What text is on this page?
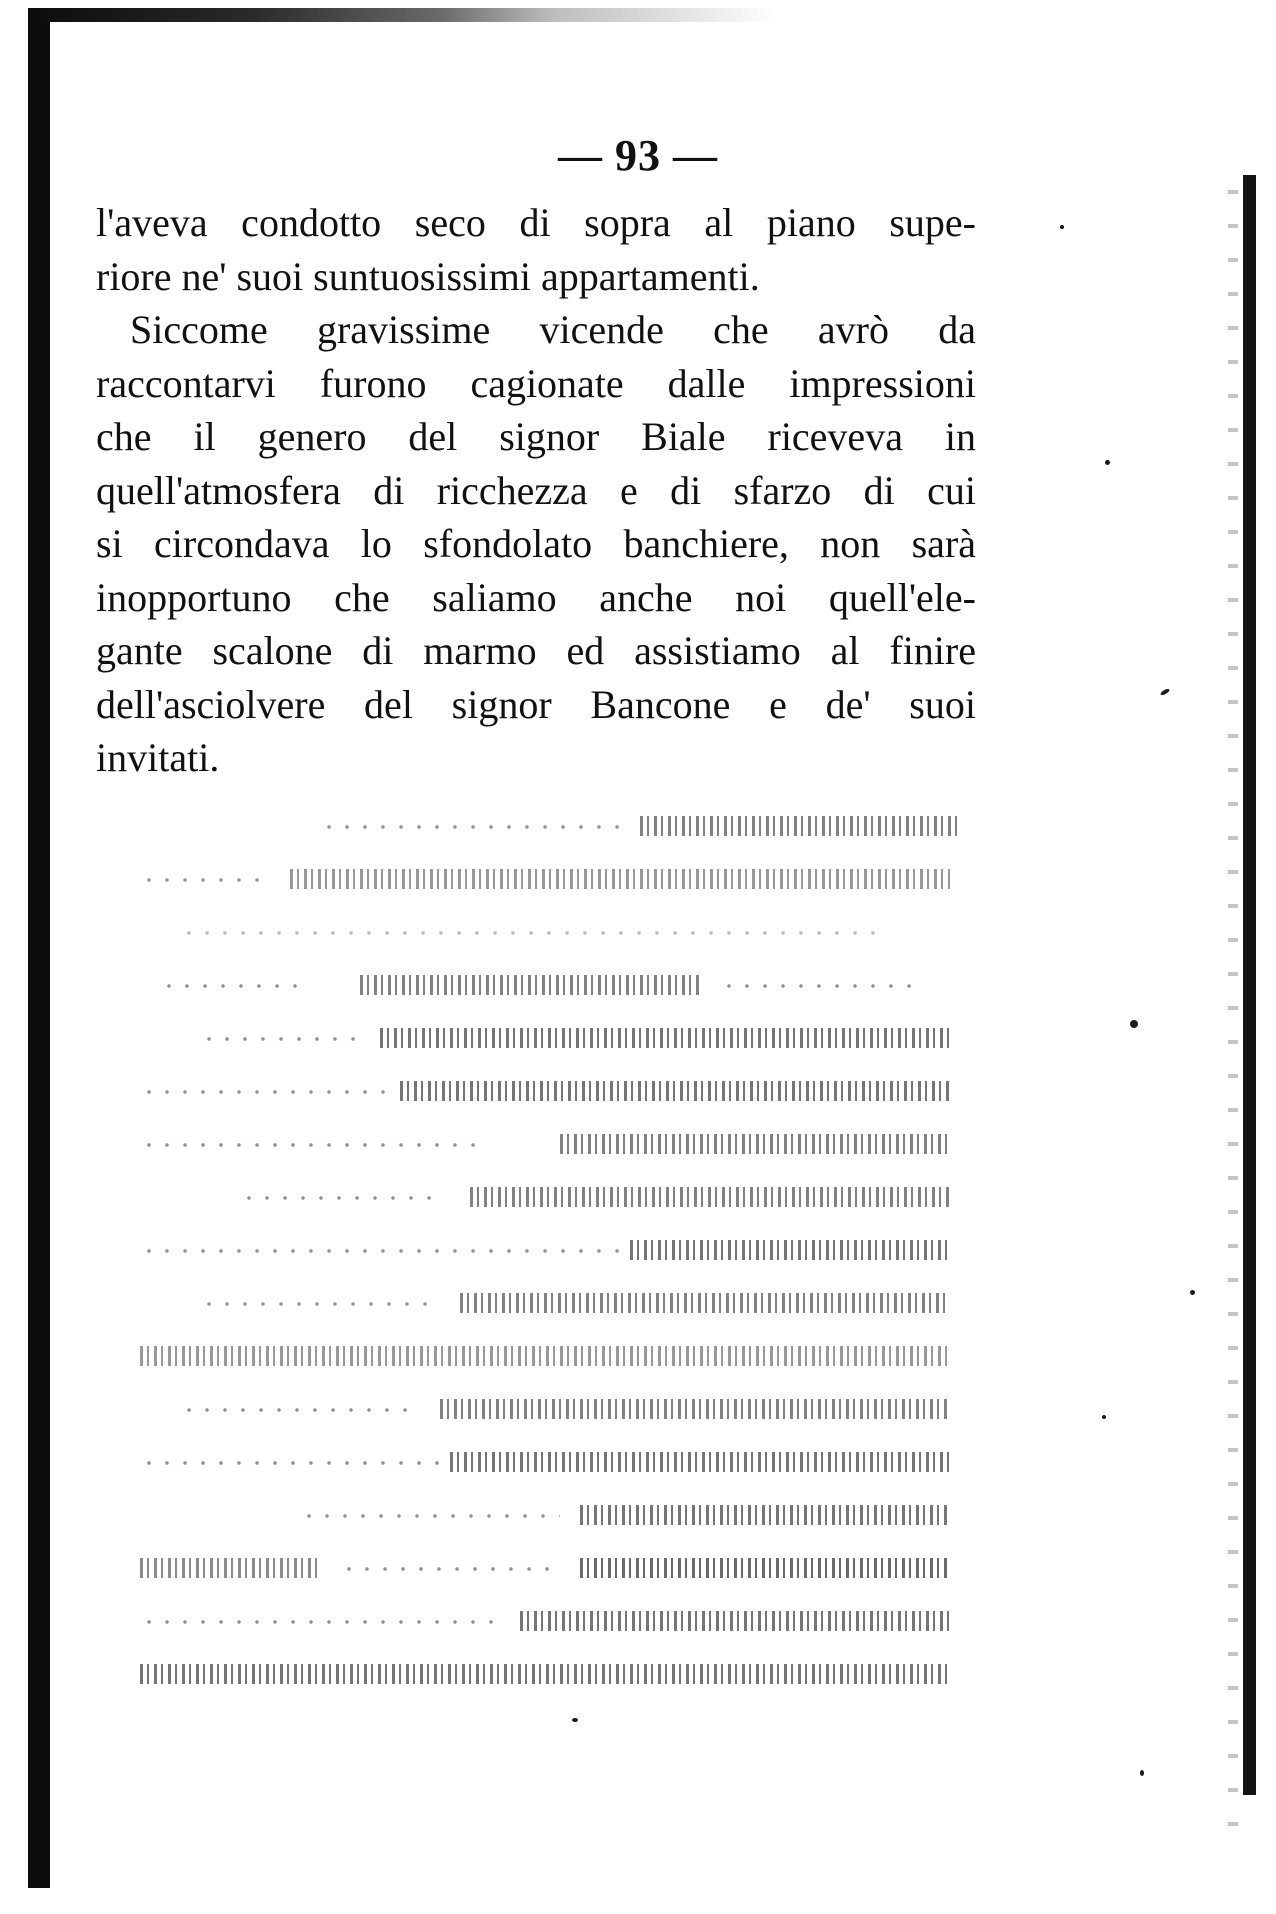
— 93 —
l'aveva condotto seco di sopra al piano supe-
riore ne' suoi suntuosissimi appartamenti.
Siccome gravissime vicende che avrò da
raccontarvi furono cagionate dalle impressioni
che il genero del signor Biale riceveva in
quell'atmosfera di ricchezza e di sfarzo di cui
si circondava lo sfondolato banchiere, non sarà
inopportuno che saliamo anche noi quell'ele-
gante scalone di marmo ed assistiamo al finire
dell'asciolvere del signor Bancone e de' suoi
invitati.
